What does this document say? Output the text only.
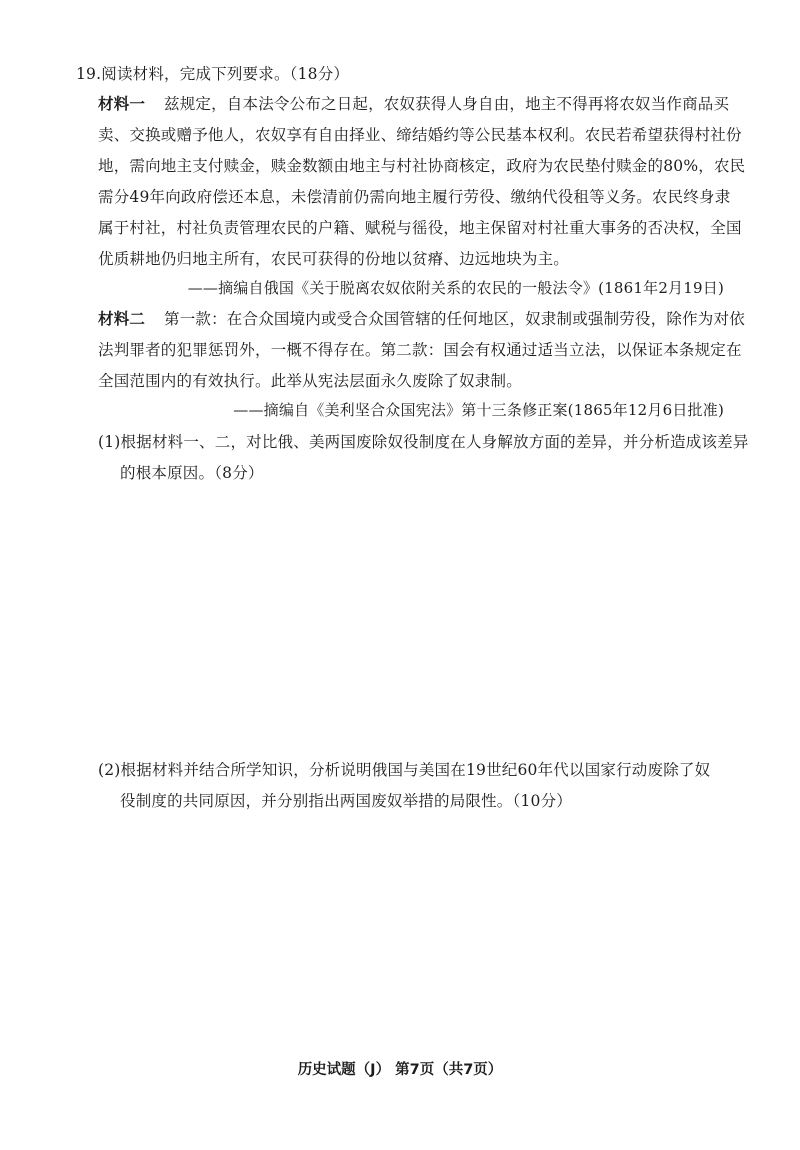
19.阅读材料，完成下列要求。（18分）
材料一 兹规定，自本法令公布之日起，农奴获得人身自由，地主不得再将农奴当作商品买
卖、交换或赠予他人，农奴享有自由择业、缔结婚约等公民基本权利。农民若希望获得村社份
地，需向地主支付赎金，赎金数额由地主与村社协商核定，政府为农民垫付赎金的80%，农民
需分49年向政府偿还本息，未偿清前仍需向地主履行劳役、缴纳代役租等义务。农民终身隶
属于村社，村社负责管理农民的户籍、赋税与徭役，地主保留对村社重大事务的否决权，全国
优质耕地仍归地主所有，农民可获得的份地以贫瘠、边远地块为主。
——摘编自俄国《关于脱离农奴依附关系的农民的一般法令》(1861年2月19日)
材料二 第一款：在合众国境内或受合众国管辖的任何地区，奴隶制或强制劳役，除作为对依
法判罪者的犯罪惩罚外，一概不得存在。第二款：国会有权通过适当立法，以保证本条规定在
全国范围内的有效执行。此举从宪法层面永久废除了奴隶制。
——摘编自《美利坚合众国宪法》第十三条修正案(1865年12月6日批准)
(1)根据材料一、二，对比俄、美两国废除奴役制度在人身解放方面的差异，并分析造成该差异
的根本原因。（8分）
(2)根据材料并结合所学知识，分析说明俄国与美国在19世纪60年代以国家行动废除了奴
役制度的共同原因，并分别指出两国废奴举措的局限性。（10分）
历史试题（J） 第7页（共7页）
